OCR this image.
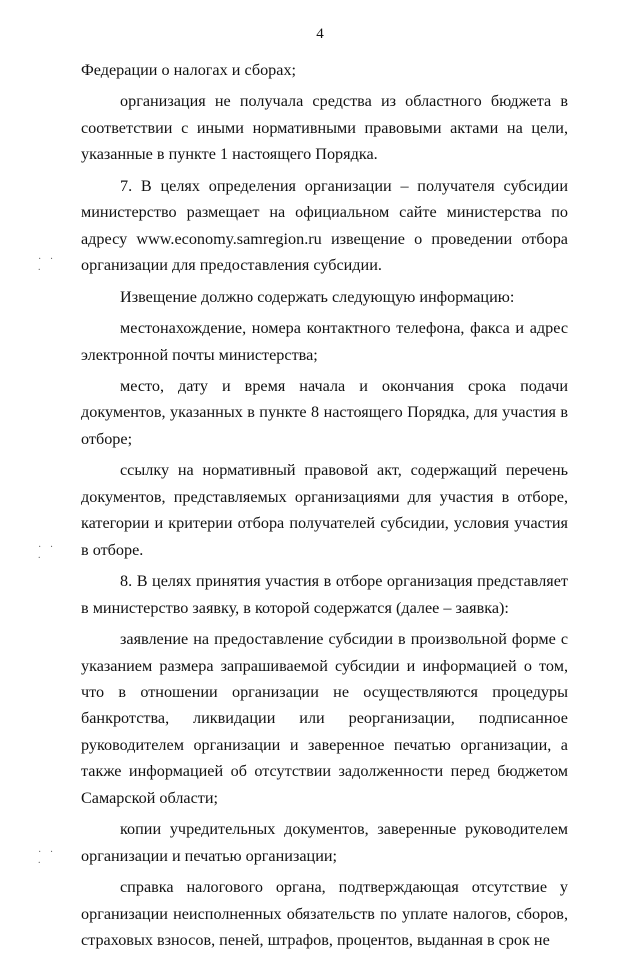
4
· · .
· · .
· · .

Федерации о налогах и сборах;

организация не получала средства из областного бюджета в соответствии с иными нормативными правовыми актами на цели, указанные в пункте 1 настоящего Порядка.

7. В целях определения организации – получателя субсидии министерство размещает на официальном сайте министерства по адресу www.economy.samregion.ru извещение о проведении отбора организации для предоставления субсидии.

Извещение должно содержать следующую информацию:

местонахождение, номера контактного телефона, факса и адрес электронной почты министерства;

место, дату и время начала и окончания срока подачи документов, указанных в пункте 8 настоящего Порядка, для участия в отборе;

ссылку на нормативный правовой акт, содержащий перечень документов, представляемых организациями для участия в отборе, категории и критерии отбора получателей субсидии, условия участия в отборе.

8. В целях принятия участия в отборе организация представляет в министерство заявку, в которой содержатся (далее – заявка):

заявление на предоставление субсидии в произвольной форме с указанием размера запрашиваемой субсидии и информацией о том, что в отношении организации не осуществляются процедуры банкротства, ликвидации или реорганизации, подписанное руководителем организации и заверенное печатью организации, а также информацией об отсутствии задолженности перед бюджетом Самарской области;

копии учредительных документов, заверенные руководителем организации и печатью организации;

справка налогового органа, подтверждающая отсутствие у организации неисполненных обязательств по уплате налогов, сборов, страховых взносов, пеней, штрафов, процентов, выданная в срок не
